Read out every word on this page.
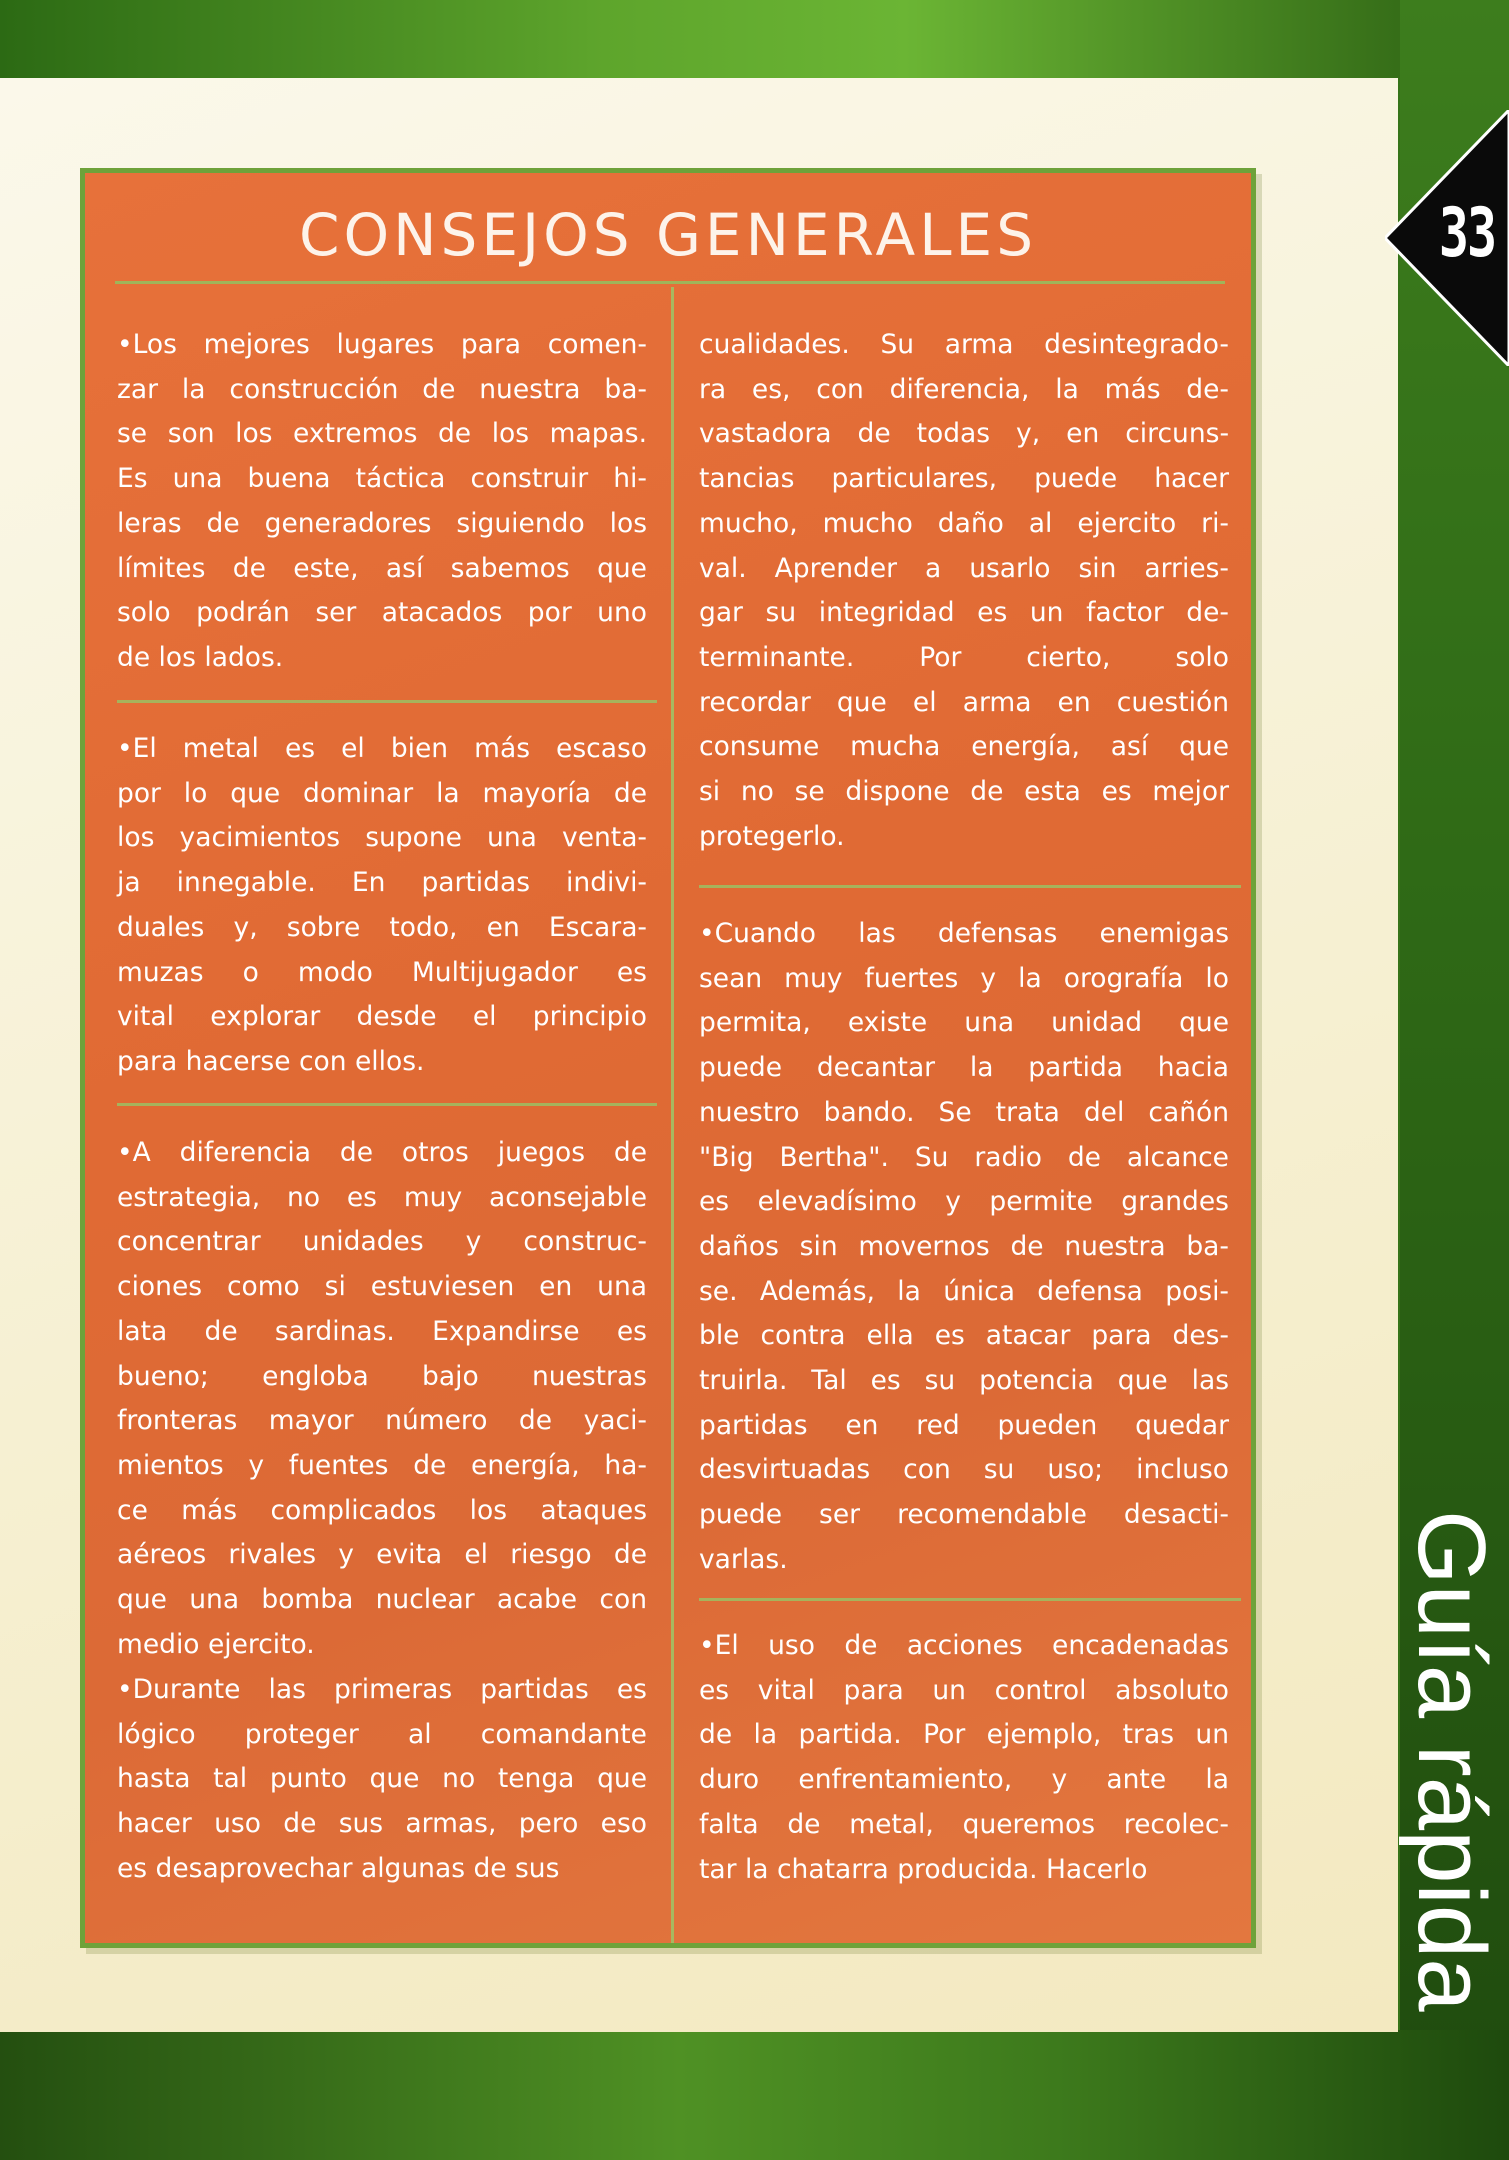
33
Guía rápida
CONSEJOS GENERALES
•Los mejores lugares para comen-
zar la construcción de nuestra ba-
se son los extremos de los mapas.
Es una buena táctica construir hi-
leras de generadores siguiendo los
límites de este, así sabemos que
solo podrán ser atacados por uno
de los lados.
•El metal es el bien más escaso
por lo que dominar la mayoría de
los yacimientos supone una venta-
ja innegable. En partidas indivi-
duales y, sobre todo, en Escara-
muzas o modo Multijugador es
vital explorar desde el principio
para hacerse con ellos.
•A diferencia de otros juegos de
estrategia, no es muy aconsejable
concentrar unidades y construc-
ciones como si estuviesen en una
lata de sardinas. Expandirse es
bueno; engloba bajo nuestras
fronteras mayor número de yaci-
mientos y fuentes de energía, ha-
ce más complicados los ataques
aéreos rivales y evita el riesgo de
que una bomba nuclear acabe con
medio ejercito.
•Durante las primeras partidas es
lógico proteger al comandante
hasta tal punto que no tenga que
hacer uso de sus armas, pero eso
es desaprovechar algunas de sus
cualidades. Su arma desintegrado-
ra es, con diferencia, la más de-
vastadora de todas y, en circuns-
tancias particulares, puede hacer
mucho, mucho daño al ejercito ri-
val. Aprender a usarlo sin arries-
gar su integridad es un factor de-
terminante. Por cierto, solo
recordar que el arma en cuestión
consume mucha energía, así que
si no se dispone de esta es mejor
protegerlo.
•Cuando las defensas enemigas
sean muy fuertes y la orografía lo
permita, existe una unidad que
puede decantar la partida hacia
nuestro bando. Se trata del cañón
"Big Bertha". Su radio de alcance
es elevadísimo y permite grandes
daños sin movernos de nuestra ba-
se. Además, la única defensa posi-
ble contra ella es atacar para des-
truirla. Tal es su potencia que las
partidas en red pueden quedar
desvirtuadas con su uso; incluso
puede ser recomendable desacti-
varlas.
•El uso de acciones encadenadas
es vital para un control absoluto
de la partida. Por ejemplo, tras un
duro enfrentamiento, y ante la
falta de metal, queremos recolec-
tar la chatarra producida. Hacerlo
